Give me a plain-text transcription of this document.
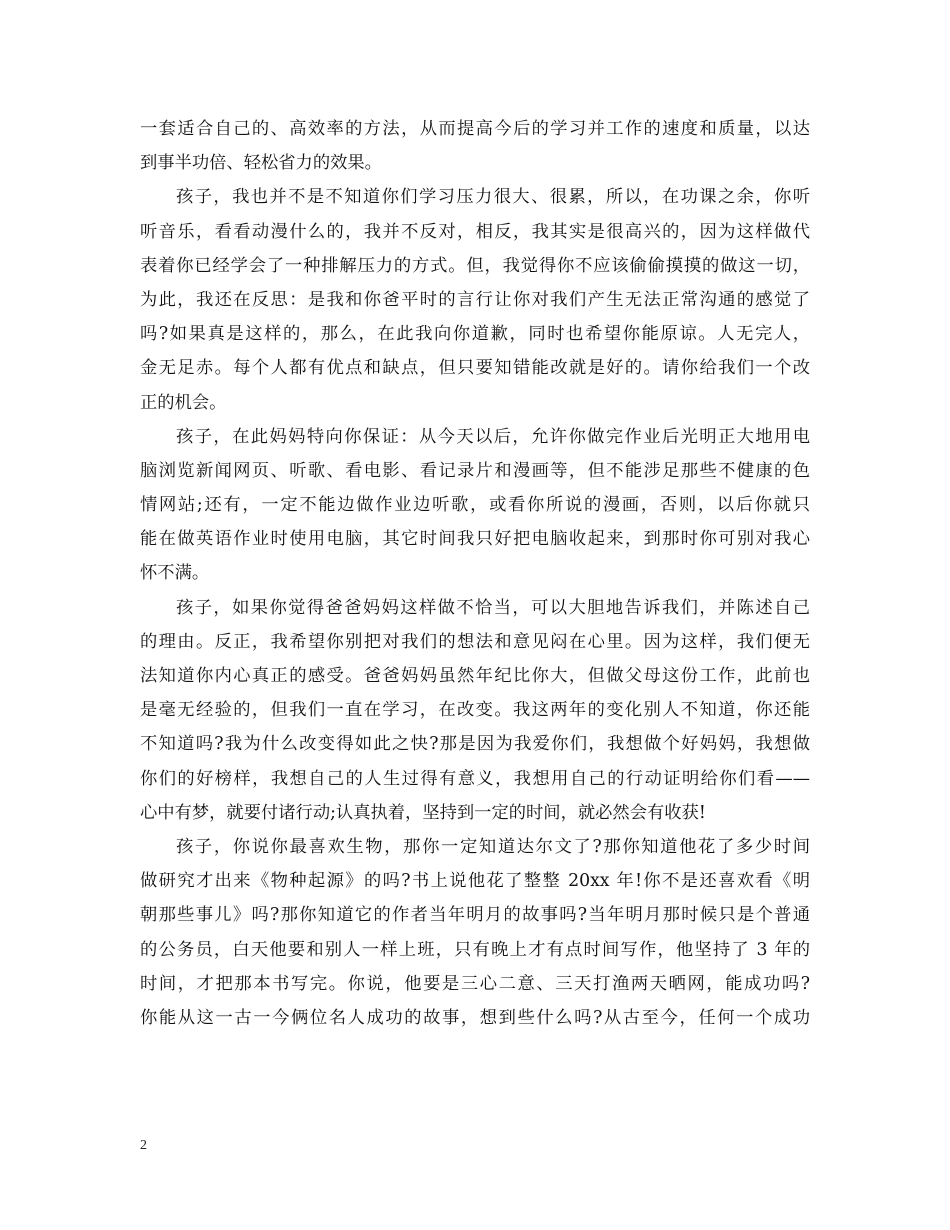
一套适合自己的、高效率的方法，从而提高今后的学习并工作的速度和质量，以达
到事半功倍、轻松省力的效果。
孩子，我也并不是不知道你们学习压力很大、很累，所以，在功课之余，你听
听音乐，看看动漫什么的，我并不反对，相反，我其实是很高兴的，因为这样做代
表着你已经学会了一种排解压力的方式。但，我觉得你不应该偷偷摸摸的做这一切，
为此，我还在反思：是我和你爸平时的言行让你对我们产生无法正常沟通的感觉了
吗?如果真是这样的，那么，在此我向你道歉，同时也希望你能原谅。人无完人，
金无足赤。每个人都有优点和缺点，但只要知错能改就是好的。请你给我们一个改
正的机会。
孩子，在此妈妈特向你保证：从今天以后，允许你做完作业后光明正大地用电
脑浏览新闻网页、听歌、看电影、看记录片和漫画等，但不能涉足那些不健康的色
情网站;还有，一定不能边做作业边听歌，或看你所说的漫画，否则，以后你就只
能在做英语作业时使用电脑，其它时间我只好把电脑收起来，到那时你可别对我心
怀不满。
孩子，如果你觉得爸爸妈妈这样做不恰当，可以大胆地告诉我们，并陈述自己
的理由。反正，我希望你别把对我们的想法和意见闷在心里。因为这样，我们便无
法知道你内心真正的感受。爸爸妈妈虽然年纪比你大，但做父母这份工作，此前也
是毫无经验的，但我们一直在学习，在改变。我这两年的变化别人不知道，你还能
不知道吗?我为什么改变得如此之快?那是因为我爱你们，我想做个好妈妈，我想做
你们的好榜样，我想自己的人生过得有意义，我想用自己的行动证明给你们看——
心中有梦，就要付诸行动;认真执着，坚持到一定的时间，就必然会有收获!
孩子，你说你最喜欢生物，那你一定知道达尔文了?那你知道他花了多少时间
做研究才出来《物种起源》的吗?书上说他花了整整 20xx 年!你不是还喜欢看《明
朝那些事儿》吗?那你知道它的作者当年明月的故事吗?当年明月那时候只是个普通
的公务员，白天他要和别人一样上班，只有晚上才有点时间写作，他坚持了 3 年的
时间，才把那本书写完。你说，他要是三心二意、三天打渔两天晒网，能成功吗?
你能从这一古一今俩位名人成功的故事，想到些什么吗?从古至今，任何一个成功
2
